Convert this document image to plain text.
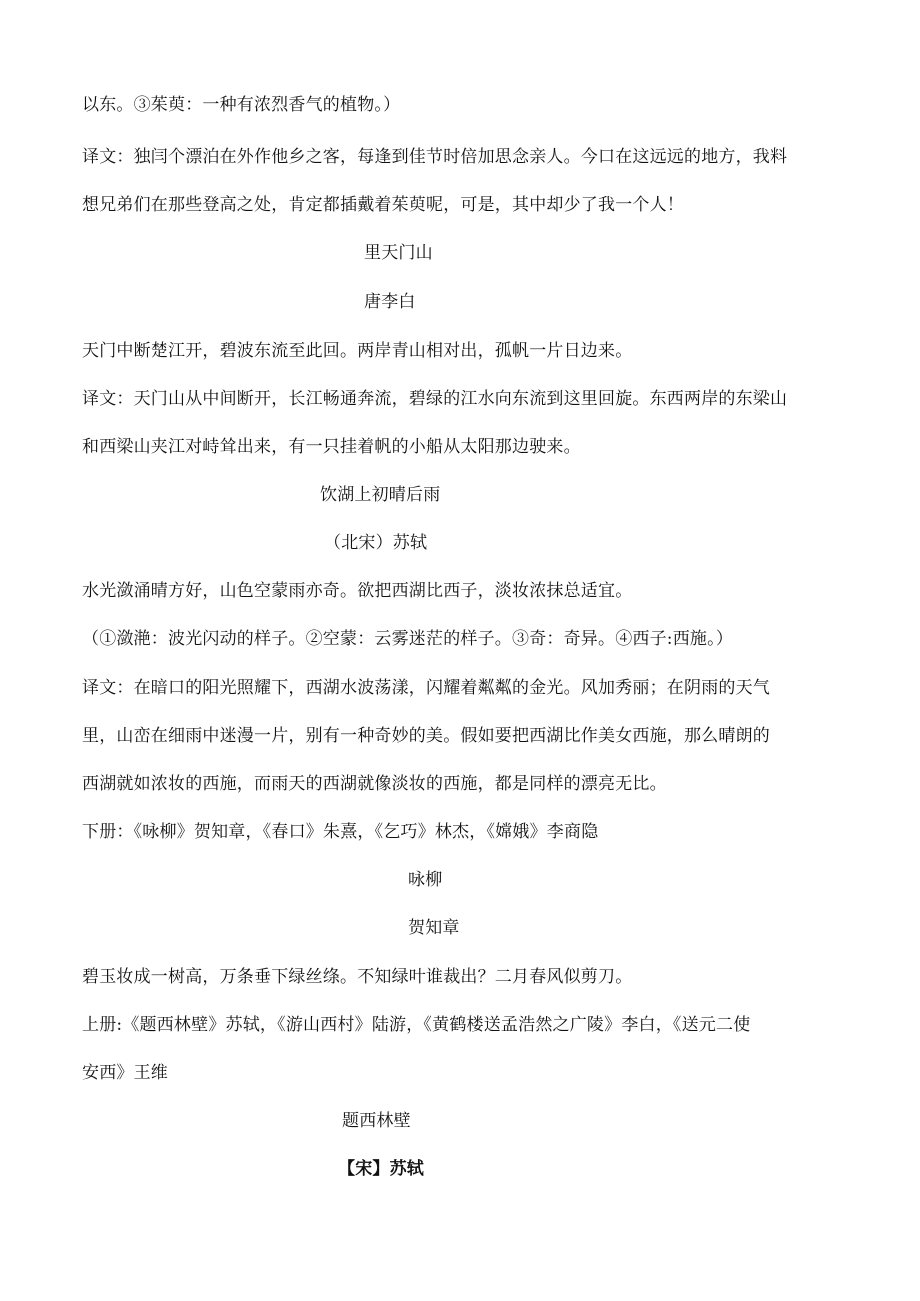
以东。③茱萸：一种有浓烈香气的植物。）
译文：独闫个漂泊在外作他乡之客，每逢到佳节时倍加思念亲人。今口在这远远的地方，我料
想兄弟们在那些登高之处，肯定都插戴着茱萸呢，可是，其中却少了我一个人！
里天门山
唐李白
天门中断楚江开，碧波东流至此回。两岸青山相对出，孤帆一片日边来。
译文：天门山从中间断开，长江畅通奔流，碧绿的江水向东流到这里回旋。东西两岸的东梁山
和西梁山夹江对峙耸出来，有一只挂着帆的小船从太阳那边驶来。
饮湖上初晴后雨
（北宋）苏轼
水光潋涌晴方好，山色空蒙雨亦奇。欲把西湖比西子，淡妆浓抹总适宜。
（①潋滟：波光闪动的样子。②空蒙：云雾迷茫的样子。③奇：奇异。④西子:西施。）
译文：在暗口的阳光照耀下，西湖水波荡漾，闪耀着粼粼的金光。风加秀丽；在阴雨的天气
里，山峦在细雨中迷漫一片，别有一种奇妙的美。假如要把西湖比作美女西施，那么晴朗的
西湖就如浓妆的西施，而雨天的西湖就像淡妆的西施，都是同样的漂亮无比。
下册：《咏柳》贺知章，《春口》朱熹，《乞巧》林杰，《嫦娥》李商隐
咏柳
贺知章
碧玉妆成一树高，万条垂下绿丝绦。不知绿叶谁裁出？二月春风似剪刀。
上册:《题西林壁》苏轼，《游山西村》陆游，《黄鹤楼送孟浩然之广陵》李白，《送元二使
安西》王维
题西林壁
【宋】苏轼
